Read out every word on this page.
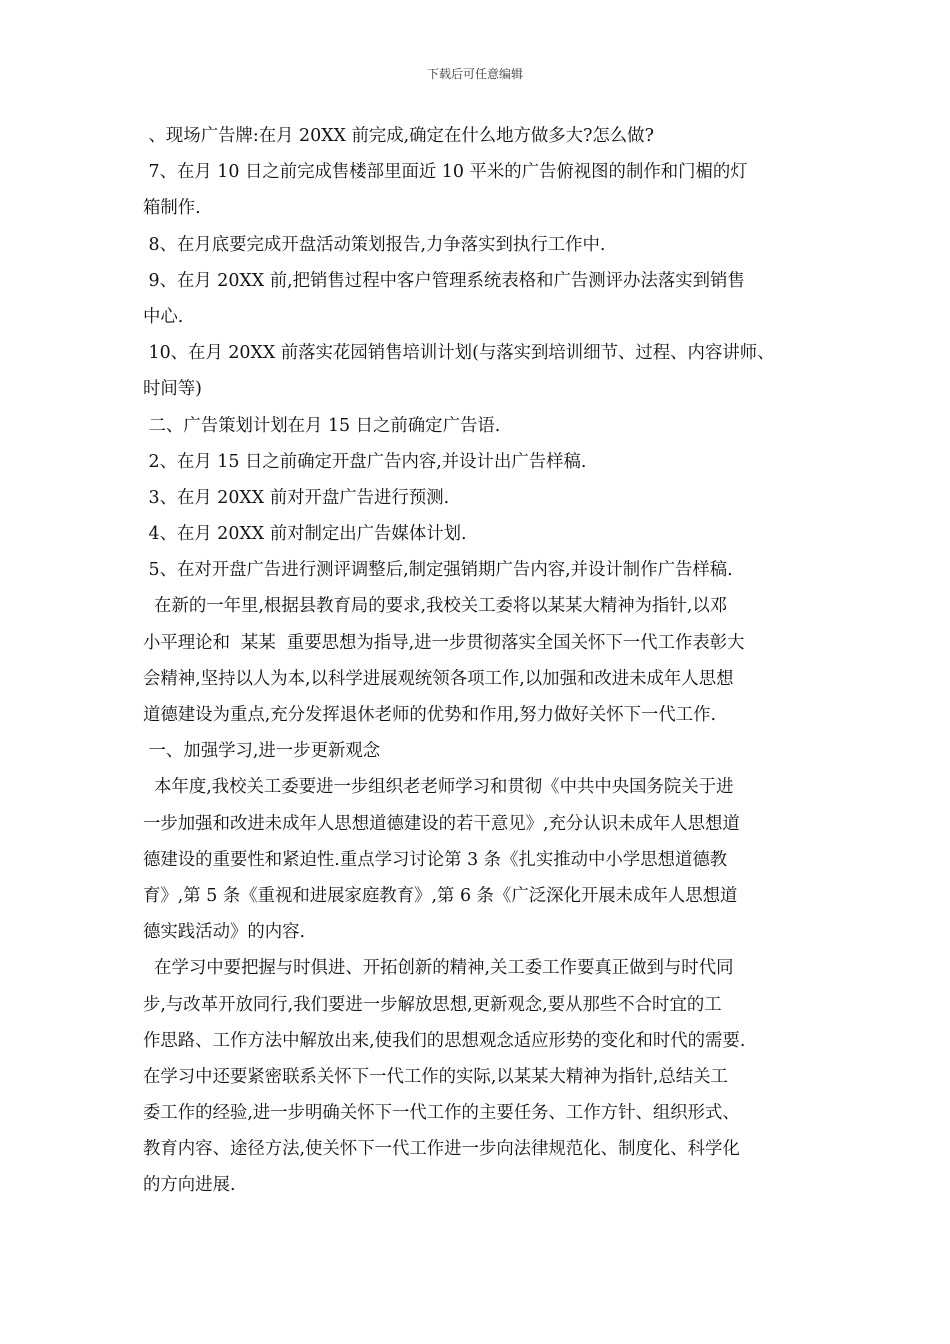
下载后可任意编辑
、现场广告牌:在月 20XX 前完成,确定在什么地方做多大?怎么做?
7、在月 10 日之前完成售楼部里面近 10 平米的广告俯视图的制作和门楣的灯
箱制作.
8、在月底要完成开盘活动策划报告,力争落实到执行工作中.
9、在月 20XX 前,把销售过程中客户管理系统表格和广告测评办法落实到销售
中心.
10、在月 20XX 前落实花园销售培训计划(与落实到培训细节、过程、内容讲师、
时间等)
二、广告策划计划在月 15 日之前确定广告语.
2、在月 15 日之前确定开盘广告内容,并设计出广告样稿.
3、在月 20XX 前对开盘广告进行预测.
4、在月 20XX 前对制定出广告媒体计划.
5、在对开盘广告进行测评调整后,制定强销期广告内容,并设计制作广告样稿.
在新的一年里,根据县教育局的要求,我校关工委将以某某大精神为指针,以邓
小平理论和  某某  重要思想为指导,进一步贯彻落实全国关怀下一代工作表彰大
会精神,坚持以人为本,以科学进展观统领各项工作,以加强和改进未成年人思想
道德建设为重点,充分发挥退休老师的优势和作用,努力做好关怀下一代工作.
一、加强学习,进一步更新观念
本年度,我校关工委要进一步组织老老师学习和贯彻《中共中央国务院关于进
一步加强和改进未成年人思想道德建设的若干意见》,充分认识未成年人思想道
德建设的重要性和紧迫性.重点学习讨论第 3 条《扎实推动中小学思想道德教
育》,第 5 条《重视和进展家庭教育》,第 6 条《广泛深化开展未成年人思想道
德实践活动》的内容.
在学习中要把握与时俱进、开拓创新的精神,关工委工作要真正做到与时代同
步,与改革开放同行,我们要进一步解放思想,更新观念,要从那些不合时宜的工
作思路、工作方法中解放出来,使我们的思想观念适应形势的变化和时代的需要.
在学习中还要紧密联系关怀下一代工作的实际,以某某大精神为指针,总结关工
委工作的经验,进一步明确关怀下一代工作的主要任务、工作方针、组织形式、
教育内容、途径方法,使关怀下一代工作进一步向法律规范化、制度化、科学化
的方向进展.
